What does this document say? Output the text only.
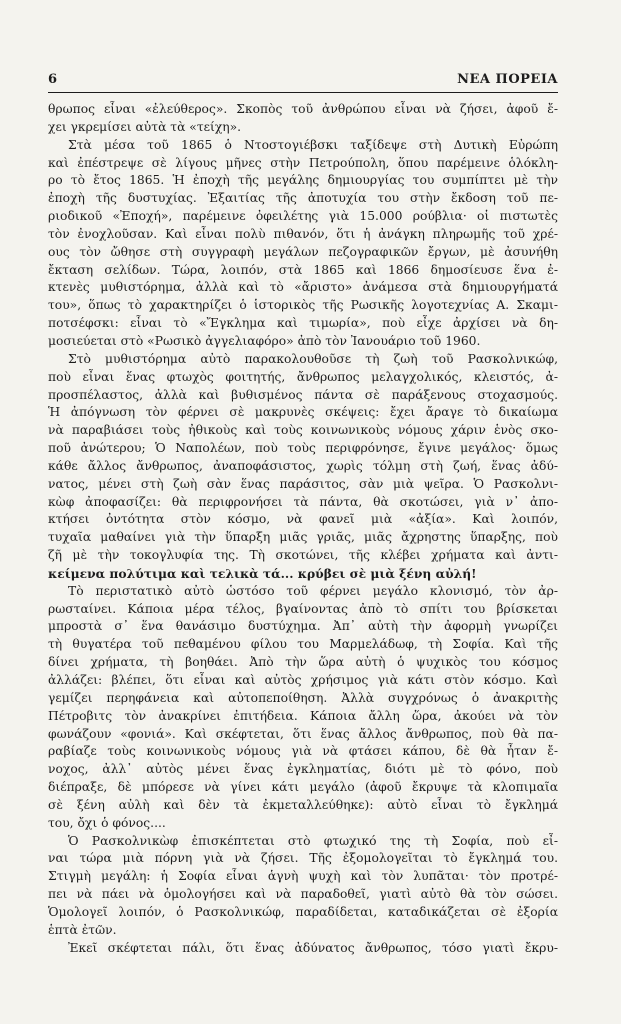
6	ΝΕΑ ΠΟΡΕΙΑ
θρωπος εἶναι «ἐλεύθερος». Σκοπὸς τοῦ ἀνθρώπου εἶναι νὰ ζήσει, ἀφοῦ ἔ-
χει γκρεμίσει αὐτὰ τὰ «τείχη».
Στὰ μέσα τοῦ 1865 ὁ Ντοστογιέβσκι ταξίδεψε στὴ Δυτικὴ Εὐρώπη
καὶ ἐπέστρεψε σὲ λίγους μῆνες στὴν Πετρούπολη, ὅπου παρέμεινε ὁλόκλη-
ρο τὸ ἔτος 1865. Ἡ ἐποχὴ τῆς μεγάλης δημιουργίας του συμπίπτει μὲ τὴν
ἐποχὴ τῆς δυστυχίας. Ἐξαιτίας τῆς ἀποτυχία του στὴν ἔκδοση τοῦ πε-
ριοδικοῦ «Ἐποχή», παρέμεινε ὀφειλέτης γιὰ 15.000 ρούβλια· οἱ πιστωτὲς
τὸν ἐνοχλοῦσαν. Καὶ εἶναι πολὺ πιθανόν, ὅτι ἡ ἀνάγκη πληρωμῆς τοῦ χρέ-
ους τὸν ὤθησε στὴ συγγραφὴ μεγάλων πεζογραφικῶν ἔργων, μὲ ἀσυνήθη
ἔκταση σελίδων. Τώρα, λοιπόν, στὰ 1865 καὶ 1866 δημοσίευσε ἕνα ἐ-
κτενὲς μυθιστόρημα, ἀλλὰ καὶ τὸ «ἄριστο» ἀνάμεσα στὰ δημιουργήματά
του», ὅπως τὸ χαρακτηρίζει ὁ ἱστορικὸς τῆς Ρωσικῆς λογοτεχνίας Α. Σκαμι-
ποτσέφσκι: εἶναι τὸ «Ἔγκλημα καὶ τιμωρία», ποὺ εἶχε ἀρχίσει νὰ δη-
μοσιεύεται στὸ «Ρωσικὸ ἀγγελιαφόρο» ἀπὸ τὸν Ἰανουάριο τοῦ 1960.
Στὸ μυθιστόρημα αὐτὸ παρακολουθοῦσε τὴ ζωὴ τοῦ Ρασκολνικώφ,
ποὺ εἶναι ἕνας φτωχὸς φοιτητής, ἄνθρωπος μελαγχολικός, κλειστός, ἀ-
προσπέλαστος, ἀλλὰ καὶ βυθισμένος πάντα σὲ παράξενους στοχασμούς.
Ἡ ἀπόγνωση τὸν φέρνει σὲ μακρυνὲς σκέψεις: ἔχει ἄραγε τὸ δικαίωμα
νὰ παραβιάσει τοὺς ἠθικοὺς καὶ τοὺς κοινωνικοὺς νόμους χάριν ἑνὸς σκο-
ποῦ ἀνώτερου; Ὁ Ναπολέων, ποὺ τοὺς περιφρόνησε, ἔγινε μεγάλος· ὅμως
κάθε ἄλλος ἄνθρωπος, ἀναποφάσιστος, χωρὶς τόλμη στὴ ζωή, ἕνας ἀδύ-
νατος, μένει στὴ ζωὴ σὰν ἕνας παράσιτος, σὰν μιὰ ψεῖρα. Ὁ Ρασκολνι-
κὼφ ἀποφασίζει: θὰ περιφρονήσει τὰ πάντα, θὰ σκοτώσει, γιὰ ν᾿ ἀπο-
κτήσει ὀντότητα στὸν κόσμο, νὰ φανεῖ μιὰ «ἀξία». Καὶ λοιπόν,
τυχαῖα μαθαίνει γιὰ τὴν ὕπαρξη μιᾶς γριᾶς, μιᾶς ἄχρηστης ὕπαρξης, ποὺ
ζῆ μὲ τὴν τοκογλυφία της. Τὴ σκοτώνει, τῆς κλέβει χρήματα καὶ ἀντι-
κείμενα πολύτιμα καὶ τελικὰ τά... κρύβει σὲ μιὰ ξένη αὐλή!
Τὸ περιστατικὸ αὐτὸ ὡστόσο τοῦ φέρνει μεγάλο κλονισμό, τὸν ἀρ-
ρωσταίνει. Κάποια μέρα τέλος, βγαίνοντας ἀπὸ τὸ σπίτι του βρίσκεται
μπροστὰ σ᾿ ἕνα θανάσιμο δυστύχημα. Ἀπ᾿ αὐτὴ τὴν ἀφορμὴ γνωρίζει
τὴ θυγατέρα τοῦ πεθαμένου φίλου του Μαρμελάδωφ, τὴ Σοφία. Καὶ τῆς
δίνει χρήματα, τὴ βοηθάει. Ἀπὸ τὴν ὥρα αὐτὴ ὁ ψυχικὸς του κόσμος
ἀλλάζει: βλέπει, ὅτι εἶναι καὶ αὐτὸς χρήσιμος γιὰ κάτι στὸν κόσμο. Καὶ
γεμίζει περηφάνεια καὶ αὐτοπεποίθηση. Ἀλλὰ συγχρόνως ὁ ἀνακριτὴς
Πέτροβιτς τὸν ἀνακρίνει ἐπιτήδεια. Κάποια ἄλλη ὥρα, ἀκούει νὰ τὸν
φωνάζουν «φονιά». Καὶ σκέφτεται, ὅτι ἕνας ἄλλος ἄνθρωπος, ποὺ θὰ πα-
ραβίαζε τοὺς κοινωνικοὺς νόμους γιὰ νὰ φτάσει κάπου, δὲ θὰ ἦταν ἔ-
νοχος, ἀλλ᾿ αὐτὸς μένει ἕνας ἐγκληματίας, διότι μὲ τὸ φόνο, ποὺ
διέπραξε, δὲ μπόρεσε νὰ γίνει κάτι μεγάλο (ἀφοῦ ἔκρυψε τὰ κλοπιμαῖα
σὲ ξένη αὐλὴ καὶ δὲν τὰ ἐκμεταλλεύθηκε): αὐτὸ εἶναι τὸ ἔγκλημά
του, ὄχι ὁ φόνος....
Ὁ Ρασκολνικὼφ ἐπισκέπτεται στὸ φτωχικό της τὴ Σοφία, ποὺ εἶ-
ναι τώρα μιὰ πόρνη γιὰ νὰ ζήσει. Τῆς ἐξομολογεῖται τὸ ἔγκλημά του.
Στιγμὴ μεγάλη: ἡ Σοφία εἶναι ἁγνὴ ψυχὴ καὶ τὸν λυπᾶται· τὸν προτρέ-
πει νὰ πάει νὰ ὁμολογήσει καὶ νὰ παραδοθεῖ, γιατὶ αὐτὸ θὰ τὸν σώσει.
Ὁμολογεῖ λοιπόν, ὁ Ρασκολνικώφ, παραδίδεται, καταδικάζεται σὲ ἐξορία
ἑπτὰ ἐτῶν.
Ἐκεῖ σκέφτεται πάλι, ὅτι ἕνας ἀδύνατος ἄνθρωπος, τόσο γιατὶ ἔκρυ-
